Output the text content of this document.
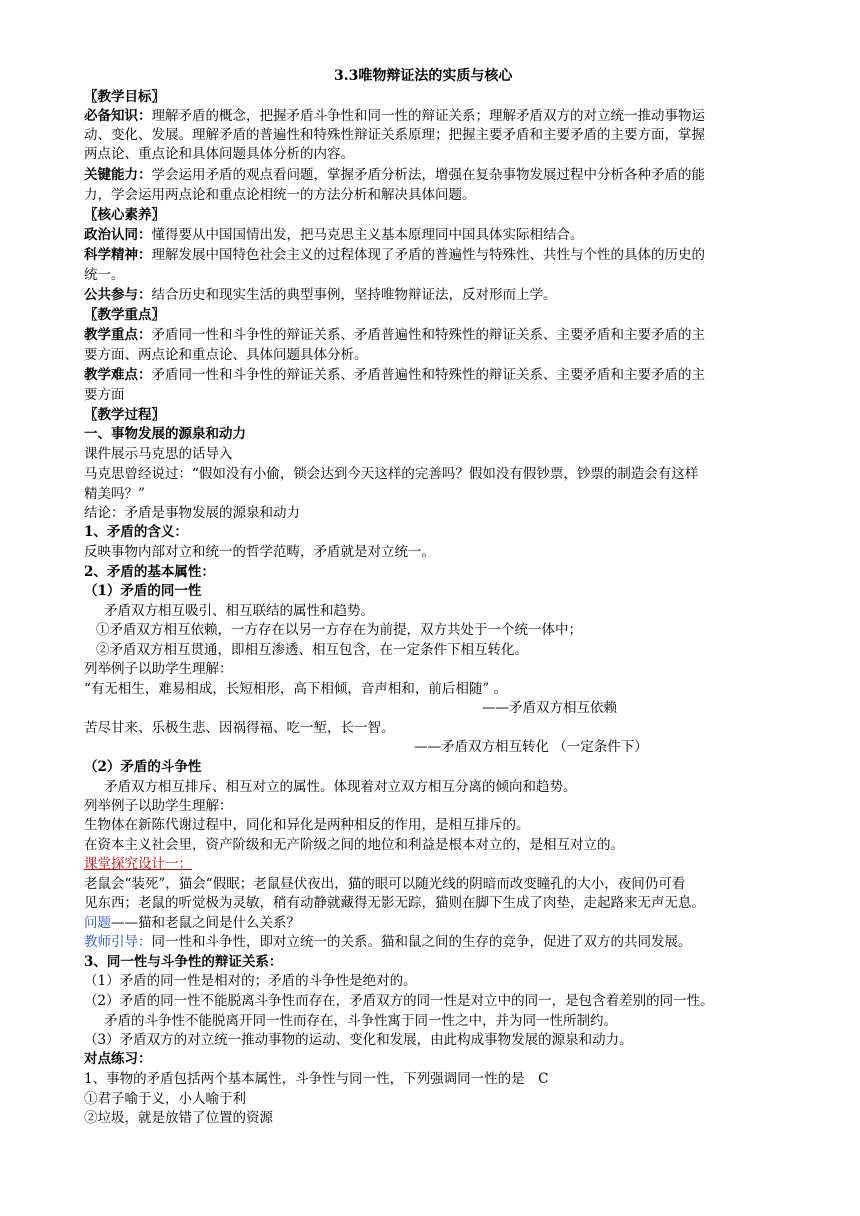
3.3唯物辩证法的实质与核心
〖教学目标〗
必备知识：理解矛盾的概念，把握矛盾斗争性和同一性的辩证关系；理解矛盾双方的对立统一推动事物运
动、变化、发展。理解矛盾的普遍性和特殊性辩证关系原理；把握主要矛盾和主要矛盾的主要方面，掌握
两点论、重点论和具体问题具体分析的内容。
关键能力：学会运用矛盾的观点看问题，掌握矛盾分析法，增强在复杂事物发展过程中分析各种矛盾的能
力，学会运用两点论和重点论相统一的方法分析和解决具体问题。
〖核心素养〗
政治认同：懂得要从中国国情出发，把马克思主义基本原理同中国具体实际相结合。
科学精神：理解发展中国特色社会主义的过程体现了矛盾的普遍性与特殊性、共性与个性的具体的历史的
统一。
公共参与：结合历史和现实生活的典型事例，坚持唯物辩证法，反对形而上学。
〖教学重点〗
教学重点：矛盾同一性和斗争性的辩证关系、矛盾普遍性和特殊性的辩证关系、主要矛盾和主要矛盾的主
要方面、两点论和重点论、具体问题具体分析。
教学难点：矛盾同一性和斗争性的辩证关系、矛盾普遍性和特殊性的辩证关系、主要矛盾和主要矛盾的主
要方面
〖教学过程〗
一、事物发展的源泉和动力
课件展示马克思的话导入
马克思曾经说过：“假如没有小偷，锁会达到今天这样的完善吗？假如没有假钞票，钞票的制造会有这样
精美吗？”
结论：矛盾是事物发展的源泉和动力
1、矛盾的含义：
反映事物内部对立和统一的哲学范畴，矛盾就是对立统一。
2、矛盾的基本属性：
（1）矛盾的同一性
矛盾双方相互吸引、相互联结的属性和趋势。
①矛盾双方相互依赖，一方存在以另一方存在为前提，双方共处于一个统一体中；
②矛盾双方相互贯通，即相互渗透、相互包含，在一定条件下相互转化。
列举例子以助学生理解：
“有无相生，难易相成，长短相形，高下相倾，音声相和，前后相随” 。
——矛盾双方相互依赖
苦尽甘来、乐极生悲、因祸得福、吃一堑，长一智。
——矛盾双方相互转化 （一定条件下）
（2）矛盾的斗争性
矛盾双方相互排斥、相互对立的属性。体现着对立双方相互分离的倾向和趋势。
列举例子以助学生理解：
生物体在新陈代谢过程中，同化和异化是两种相反的作用，是相互排斥的。
在资本主义社会里，资产阶级和无产阶级之间的地位和利益是根本对立的，是相互对立的。
课堂探究设计一：
老鼠会“装死”，猫会“假眠；老鼠昼伏夜出，猫的眼可以随光线的阴暗而改变瞳孔的大小，夜间仍可看
见东西；老鼠的听觉极为灵敏，稍有动静就藏得无影无踪，猫则在脚下生成了肉垫，走起路来无声无息。
问题——猫和老鼠之间是什么关系？
教师引导：同一性和斗争性，即对立统一的关系。猫和鼠之间的生存的竞争，促进了双方的共同发展。
3、同一性与斗争性的辩证关系：
（1）矛盾的同一性是相对的；矛盾的斗争性是绝对的。
（2）矛盾的同一性不能脱离斗争性而存在，矛盾双方的同一性是对立中的同一，是包含着差别的同一性。
矛盾的斗争性不能脱离开同一性而存在，斗争性寓于同一性之中，并为同一性所制约。
（3）矛盾双方的对立统一推动事物的运动、变化和发展，由此构成事物发展的源泉和动力。
对点练习：
1、事物的矛盾包括两个基本属性，斗争性与同一性，下列强调同一性的是　C
①君子喻于义，小人喻于利
②垃圾，就是放错了位置的资源
